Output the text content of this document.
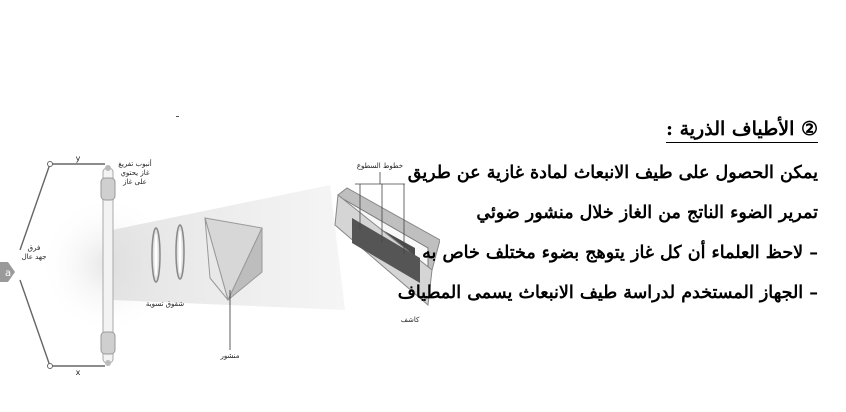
a
أنبوب تفريغ
غاز يحتوي
على غاز
فرق
جهد عال
شقوق تسوية
منشور
كاشف
خطوط السطوع
y
x
② الأطياف الذرية :
يمكن الحصول على طيف الانبعاث لمادة غازية عن طريق
تمرير الضوء الناتج من الغاز خلال منشور ضوئي
– لاحظ العلماء أن كل غاز يتوهج بضوء مختلف خاص به
– الجهاز المستخدم لدراسة طيف الانبعاث يسمى المطياف
